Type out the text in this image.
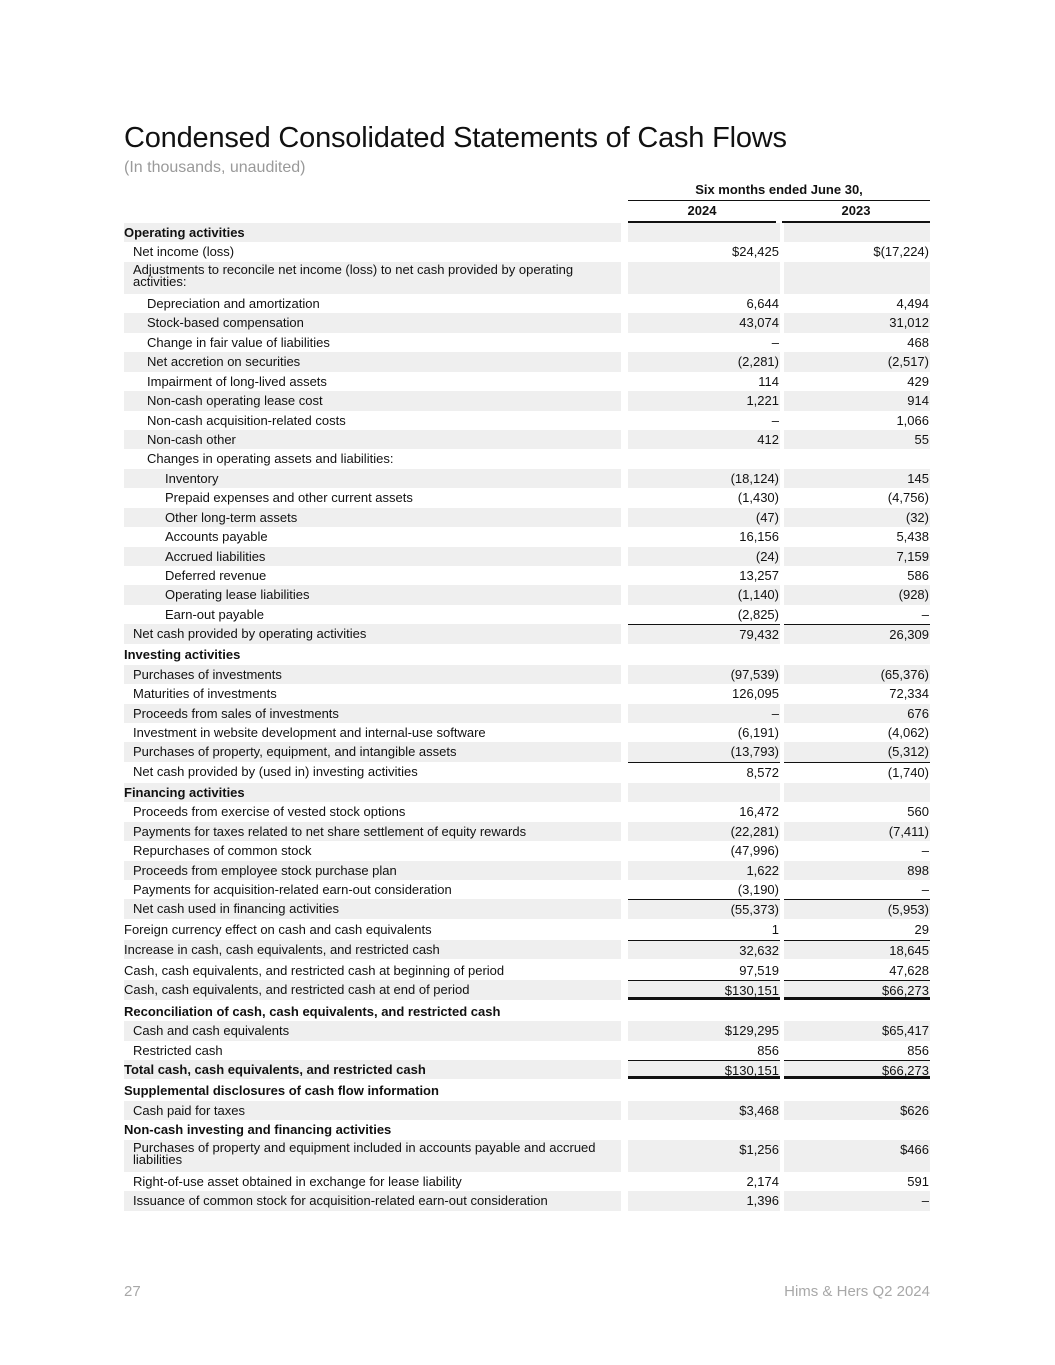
Condensed Consolidated Statements of Cash Flows
(In thousands, unaudited)
Six months ended June 30,
2024	2023
Operating activities
Net income (loss)	$24,425	$(17,224)
Adjustments to reconcile net income (loss) to net cash provided by operating activities:
Depreciation and amortization	6,644	4,494
Stock-based compensation	43,074	31,012
Change in fair value of liabilities	–	468
Net accretion on securities	(2,281)	(2,517)
Impairment of long-lived assets	114	429
Non-cash operating lease cost	1,221	914
Non-cash acquisition-related costs	–	1,066
Non-cash other	412	55
Changes in operating assets and liabilities:
Inventory	(18,124)	145
Prepaid expenses and other current assets	(1,430)	(4,756)
Other long-term assets	(47)	(32)
Accounts payable	16,156	5,438
Accrued liabilities	(24)	7,159
Deferred revenue	13,257	586
Operating lease liabilities	(1,140)	(928)
Earn-out payable	(2,825)	–
Net cash provided by operating activities	79,432	26,309
Investing activities
Purchases of investments	(97,539)	(65,376)
Maturities of investments	126,095	72,334
Proceeds from sales of investments	–	676
Investment in website development and internal-use software	(6,191)	(4,062)
Purchases of property, equipment, and intangible assets	(13,793)	(5,312)
Net cash provided by (used in) investing activities	8,572	(1,740)
Financing activities
Proceeds from exercise of vested stock options	16,472	560
Payments for taxes related to net share settlement of equity rewards	(22,281)	(7,411)
Repurchases of common stock	(47,996)	–
Proceeds from employee stock purchase plan	1,622	898
Payments for acquisition-related earn-out consideration	(3,190)	–
Net cash used in financing activities	(55,373)	(5,953)
Foreign currency effect on cash and cash equivalents	1	29
Increase in cash, cash equivalents, and restricted cash	32,632	18,645
Cash, cash equivalents, and restricted cash at beginning of period	97,519	47,628
Cash, cash equivalents, and restricted cash at end of period	$130,151	$66,273
Reconciliation of cash, cash equivalents, and restricted cash
Cash and cash equivalents	$129,295	$65,417
Restricted cash	856	856
Total cash, cash equivalents, and restricted cash	$130,151	$66,273
Supplemental disclosures of cash flow information
Cash paid for taxes	$3,468	$626
Non-cash investing and financing activities
Purchases of property and equipment included in accounts payable and accrued liabilities
$1,256	$466
Right-of-use asset obtained in exchange for lease liability	2,174	591
Issuance of common stock for acquisition-related earn-out consideration	1,396	–
27	Hims & Hers Q2 2024
